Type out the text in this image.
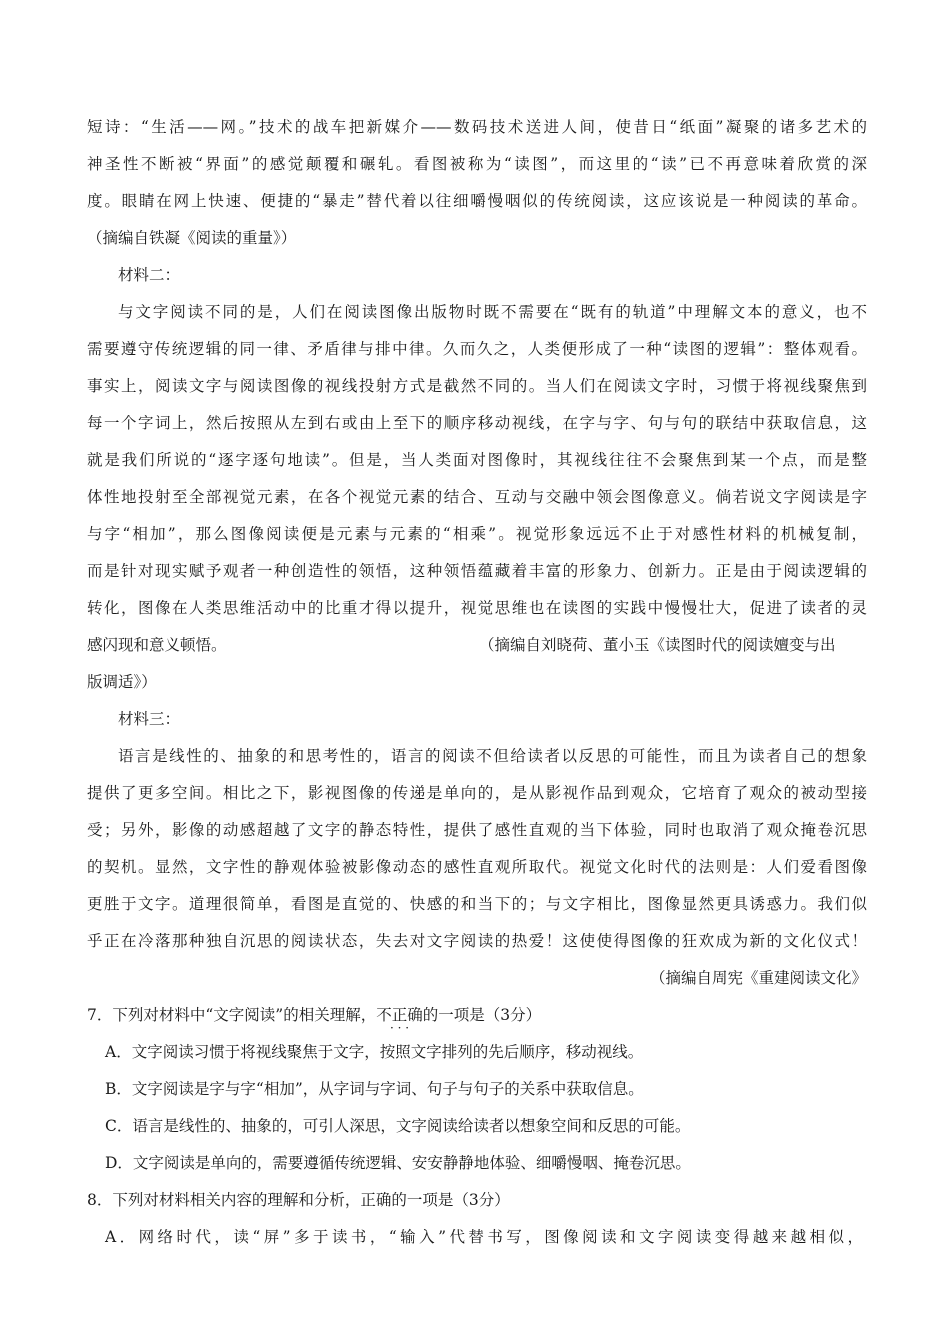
短诗：“生活——网。”技术的战车把新媒介——数码技术送进人间，使昔日“纸面”凝聚的诸多艺术的
神圣性不断被“界面”的感觉颠覆和碾轧。看图被称为“读图”，而这里的“读”已不再意味着欣赏的深
度。眼睛在网上快速、便捷的“暴走”替代着以往细嚼慢咽似的传统阅读，这应该说是一种阅读的革命。
（摘编自铁凝《阅读的重量》）
材料二：
与文字阅读不同的是，人们在阅读图像出版物时既不需要在“既有的轨道”中理解文本的意义，也不
需要遵守传统逻辑的同一律、矛盾律与排中律。久而久之，人类便形成了一种“读图的逻辑”：整体观看。
事实上，阅读文字与阅读图像的视线投射方式是截然不同的。当人们在阅读文字时，习惯于将视线聚焦到
每一个字词上，然后按照从左到右或由上至下的顺序移动视线，在字与字、句与句的联结中获取信息，这
就是我们所说的“逐字逐句地读”。但是，当人类面对图像时，其视线往往不会聚焦到某一个点，而是整
体性地投射至全部视觉元素，在各个视觉元素的结合、互动与交融中领会图像意义。倘若说文字阅读是字
与字“相加”，那么图像阅读便是元素与元素的“相乘”。视觉形象远远不止于对感性材料的机械复制，
而是针对现实赋予观者一种创造性的领悟，这种领悟蕴藏着丰富的形象力、创新力。正是由于阅读逻辑的
转化，图像在人类思维活动中的比重才得以提升，视觉思维也在读图的实践中慢慢壮大，促进了读者的灵
感闪现和意义顿悟。	（摘编自刘晓荷、董小玉《读图时代的阅读嬗变与出
版调适》）
材料三：
语言是线性的、抽象的和思考性的，语言的阅读不但给读者以反思的可能性，而且为读者自己的想象
提供了更多空间。相比之下，影视图像的传递是单向的，是从影视作品到观众，它培育了观众的被动型接
受；另外，影像的动感超越了文字的静态特性，提供了感性直观的当下体验，同时也取消了观众掩卷沉思
的契机。显然，文字性的静观体验被影像动态的感性直观所取代。视觉文化时代的法则是：人们爱看图像
更胜于文字。道理很简单，看图是直觉的、快感的和当下的；与文字相比，图像显然更具诱惑力。我们似
乎正在冷落那种独自沉思的阅读状态，失去对文字阅读的热爱！这使使得图像的狂欢成为新的文化仪式！
（摘编自周宪《重建阅读文化》
7．下列对材料中“文字阅读”的相关理解，不正确 · · ·的一项是（3分）
A．文字阅读习惯于将视线聚焦于文字，按照文字排列的先后顺序，移动视线。
B．文字阅读是字与字“相加”，从字词与字词、句子与句子的关系中获取信息。
C．语言是线性的、抽象的，可引人深思，文字阅读给读者以想象空间和反思的可能。
D．文字阅读是单向的，需要遵循传统逻辑、安安静静地体验、细嚼慢咽、掩卷沉思。
8．下列对材料相关内容的理解和分析，正确的一项是（3分）
A．网络时代，读“屏”多于读书，“输入”代替书写，图像阅读和文字阅读变得越来越相似，
